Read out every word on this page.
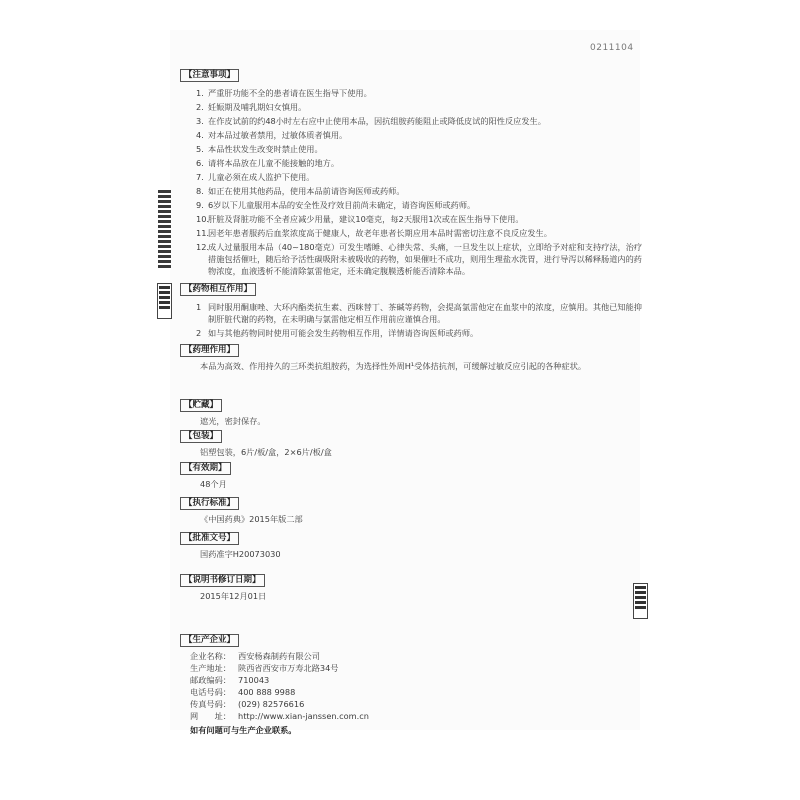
0211104
【注意事项】
1. 严重肝功能不全的患者请在医生指导下使用。
2. 妊娠期及哺乳期妇女慎用。
3. 在作皮试前的约48小时左右应中止使用本品，因抗组胺药能阻止或降低皮试的阳性反应发生。
4. 对本品过敏者禁用，过敏体质者慎用。
5. 本品性状发生改变时禁止使用。
6. 请将本品放在儿童不能接触的地方。
7. 儿童必须在成人监护下使用。
8. 如正在使用其他药品，使用本品前请咨询医师或药师。
9. 6岁以下儿童服用本品的安全性及疗效目前尚未确定，请咨询医师或药师。
10.
肝脏及肾脏功能不全者应减少用量，建议10毫克，每2天服用1次或在医生指导下使用。
11.
因老年患者服药后血浆浓度高于健康人，故老年患者长期应用本品时需密切注意不良反应发生。
12.
成人过量服用本品（40~180毫克）可发生嗜睡、心律失常、头痛，一旦发生以上症状，立即给予对症和支持疗法，治疗措施包括催吐，随后给予活性碳吸附未被吸收的药物，如果催吐不成功，则用生理盐水洗胃，进行导泻以稀释肠道内的药物浓度，血液透析不能清除氯雷他定，还未确定腹膜透析能否清除本品。
【药物相互作用】
1 同时服用酮康唑、大环内酯类抗生素、西咪替丁、茶碱等药物，会提高氯雷他定在血浆中的浓度，应慎用。其他已知能抑制肝脏代谢的药物，在未明确与氯雷他定相互作用前应谨慎合用。
2 如与其他药物同时使用可能会发生药物相互作用，详情请咨询医师或药师。
【药理作用】
本品为高效、作用持久的三环类抗组胺药，为选择性外周H¹受体拮抗剂，可缓解过敏反应引起的各种症状。
【贮藏】
遮光，密封保存。
【包装】
铝塑包装，6片/板/盒，2×6片/板/盒
【有效期】
48个月
【执行标准】
《中国药典》2015年版二部
【批准文号】
国药准字H20073030
【说明书修订日期】
2015年12月01日
【生产企业】
企业名称： 西安杨森制药有限公司
生产地址： 陕西省西安市万寿北路34号
邮政编码： 710043
电话号码： 400 888 9988
传真号码： (029) 82576616
网　　址： http://www.xian-janssen.com.cn
如有问题可与生产企业联系。
